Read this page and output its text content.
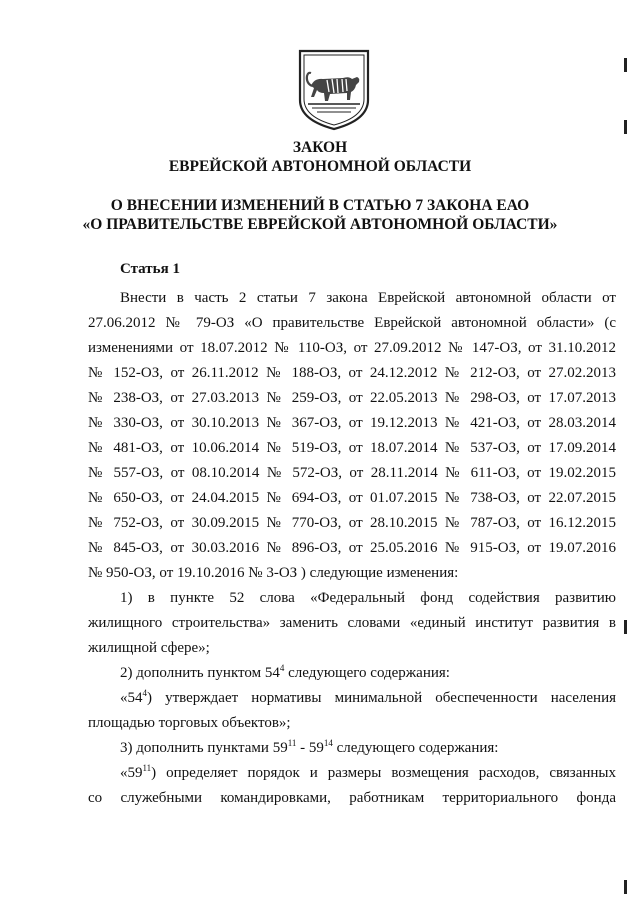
ЗАКОН

ЕВРЕЙСКОЙ АВТОНОМНОЙ ОБЛАСТИ

О ВНЕСЕНИИ ИЗМЕНЕНИЙ В СТАТЬЮ 7 ЗАКОНА ЕАО

«О ПРАВИТЕЛЬСТВЕ ЕВРЕЙСКОЙ АВТОНОМНОЙ ОБЛАСТИ»

Статья 1
Внести в часть 2 статьи 7 закона Еврейской автономной области от
27.06.2012 № 79-ОЗ «О правительстве Еврейской автономной области» (с
изменениями от 18.07.2012 № 110-ОЗ, от 27.09.2012 № 147-ОЗ, от 31.10.2012
№ 152-ОЗ, от 26.11.2012 № 188-ОЗ, от 24.12.2012 № 212-ОЗ, от 27.02.2013
№ 238-ОЗ, от 27.03.2013 № 259-ОЗ, от 22.05.2013 № 298-ОЗ, от 17.07.2013
№ 330-ОЗ, от 30.10.2013 № 367-ОЗ, от 19.12.2013 № 421-ОЗ, от 28.03.2014
№ 481-ОЗ, от 10.06.2014 № 519-ОЗ, от 18.07.2014 № 537-ОЗ, от 17.09.2014
№ 557-ОЗ, от 08.10.2014 № 572-ОЗ, от 28.11.2014 № 611-ОЗ, от 19.02.2015
№ 650-ОЗ, от 24.04.2015 № 694-ОЗ, от 01.07.2015 № 738-ОЗ, от 22.07.2015
№ 752-ОЗ, от 30.09.2015 № 770-ОЗ, от 28.10.2015 № 787-ОЗ, от 16.12.2015
№ 845-ОЗ, от 30.03.2016 № 896-ОЗ, от 25.05.2016 № 915-ОЗ, от 19.07.2016
№ 950-ОЗ, от 19.10.2016 № 3-ОЗ ) следующие изменения:
1) в пункте 52 слова «Федеральный фонд содействия развитию
жилищного строительства» заменить словами «единый институт развития в
жилищной сфере»;
2) дополнить пунктом $54^4$ следующего содержания:
«$54^4$) утверждает нормативы минимальной обеспеченности населения
площадью торговых объектов»;
3) дополнить пунктами $59^{11} - 59^{14}$ следующего содержания:
«$59^{11}$) определяет порядок и размеры возмещения расходов, связанных
со служебными командировками, работникам территориального фонда
